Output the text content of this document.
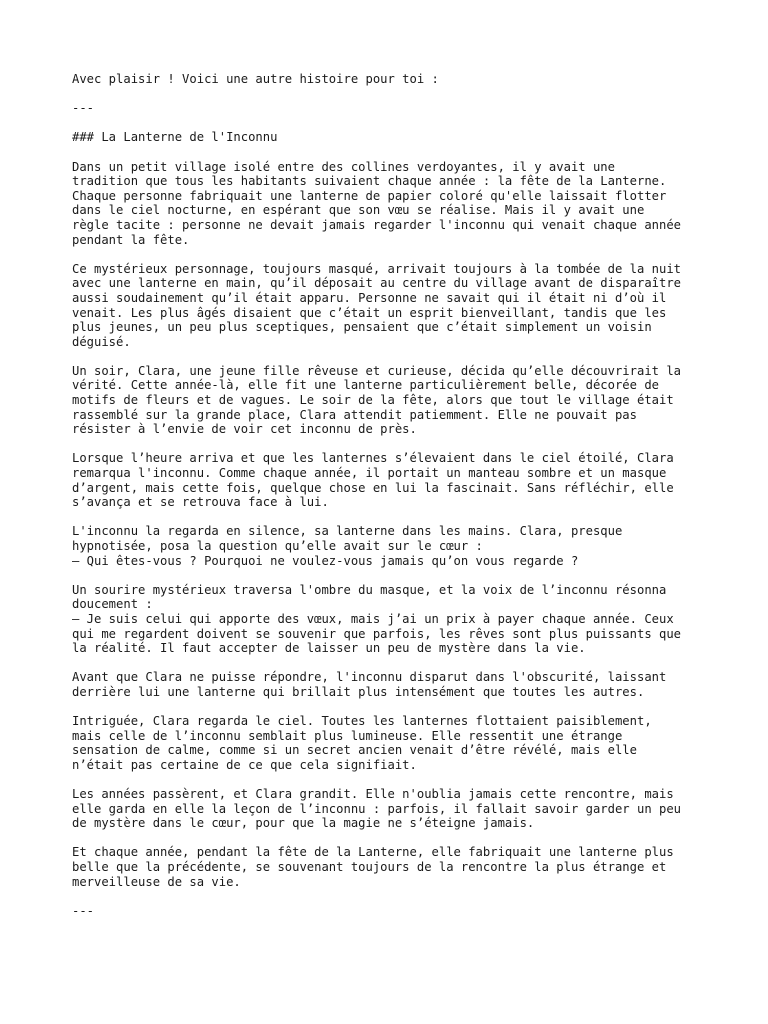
Avec plaisir ! Voici une autre histoire pour toi :

---

### La Lanterne de l'Inconnu

Dans un petit village isolé entre des collines verdoyantes, il y avait une
tradition que tous les habitants suivaient chaque année : la fête de la Lanterne.
Chaque personne fabriquait une lanterne de papier coloré qu'elle laissait flotter
dans le ciel nocturne, en espérant que son vœu se réalise. Mais il y avait une
règle tacite : personne ne devait jamais regarder l'inconnu qui venait chaque année
pendant la fête.

Ce mystérieux personnage, toujours masqué, arrivait toujours à la tombée de la nuit
avec une lanterne en main, qu’il déposait au centre du village avant de disparaître
aussi soudainement qu’il était apparu. Personne ne savait qui il était ni d’où il
venait. Les plus âgés disaient que c’était un esprit bienveillant, tandis que les
plus jeunes, un peu plus sceptiques, pensaient que c’était simplement un voisin
déguisé.

Un soir, Clara, une jeune fille rêveuse et curieuse, décida qu’elle découvrirait la
vérité. Cette année-là, elle fit une lanterne particulièrement belle, décorée de
motifs de fleurs et de vagues. Le soir de la fête, alors que tout le village était
rassemblé sur la grande place, Clara attendit patiemment. Elle ne pouvait pas
résister à l’envie de voir cet inconnu de près.

Lorsque l’heure arriva et que les lanternes s’élevaient dans le ciel étoilé, Clara
remarqua l'inconnu. Comme chaque année, il portait un manteau sombre et un masque
d’argent, mais cette fois, quelque chose en lui la fascinait. Sans réfléchir, elle
s’avança et se retrouva face à lui.

L'inconnu la regarda en silence, sa lanterne dans les mains. Clara, presque
hypnotisée, posa la question qu’elle avait sur le cœur :
– Qui êtes-vous ? Pourquoi ne voulez-vous jamais qu’on vous regarde ?

Un sourire mystérieux traversa l'ombre du masque, et la voix de l’inconnu résonna
doucement :
– Je suis celui qui apporte des vœux, mais j’ai un prix à payer chaque année. Ceux
qui me regardent doivent se souvenir que parfois, les rêves sont plus puissants que
la réalité. Il faut accepter de laisser un peu de mystère dans la vie.

Avant que Clara ne puisse répondre, l'inconnu disparut dans l'obscurité, laissant
derrière lui une lanterne qui brillait plus intensément que toutes les autres.

Intriguée, Clara regarda le ciel. Toutes les lanternes flottaient paisiblement,
mais celle de l’inconnu semblait plus lumineuse. Elle ressentit une étrange
sensation de calme, comme si un secret ancien venait d’être révélé, mais elle
n’était pas certaine de ce que cela signifiait.

Les années passèrent, et Clara grandit. Elle n'oublia jamais cette rencontre, mais
elle garda en elle la leçon de l’inconnu : parfois, il fallait savoir garder un peu
de mystère dans le cœur, pour que la magie ne s’éteigne jamais.

Et chaque année, pendant la fête de la Lanterne, elle fabriquait une lanterne plus
belle que la précédente, se souvenant toujours de la rencontre la plus étrange et
merveilleuse de sa vie.

---
